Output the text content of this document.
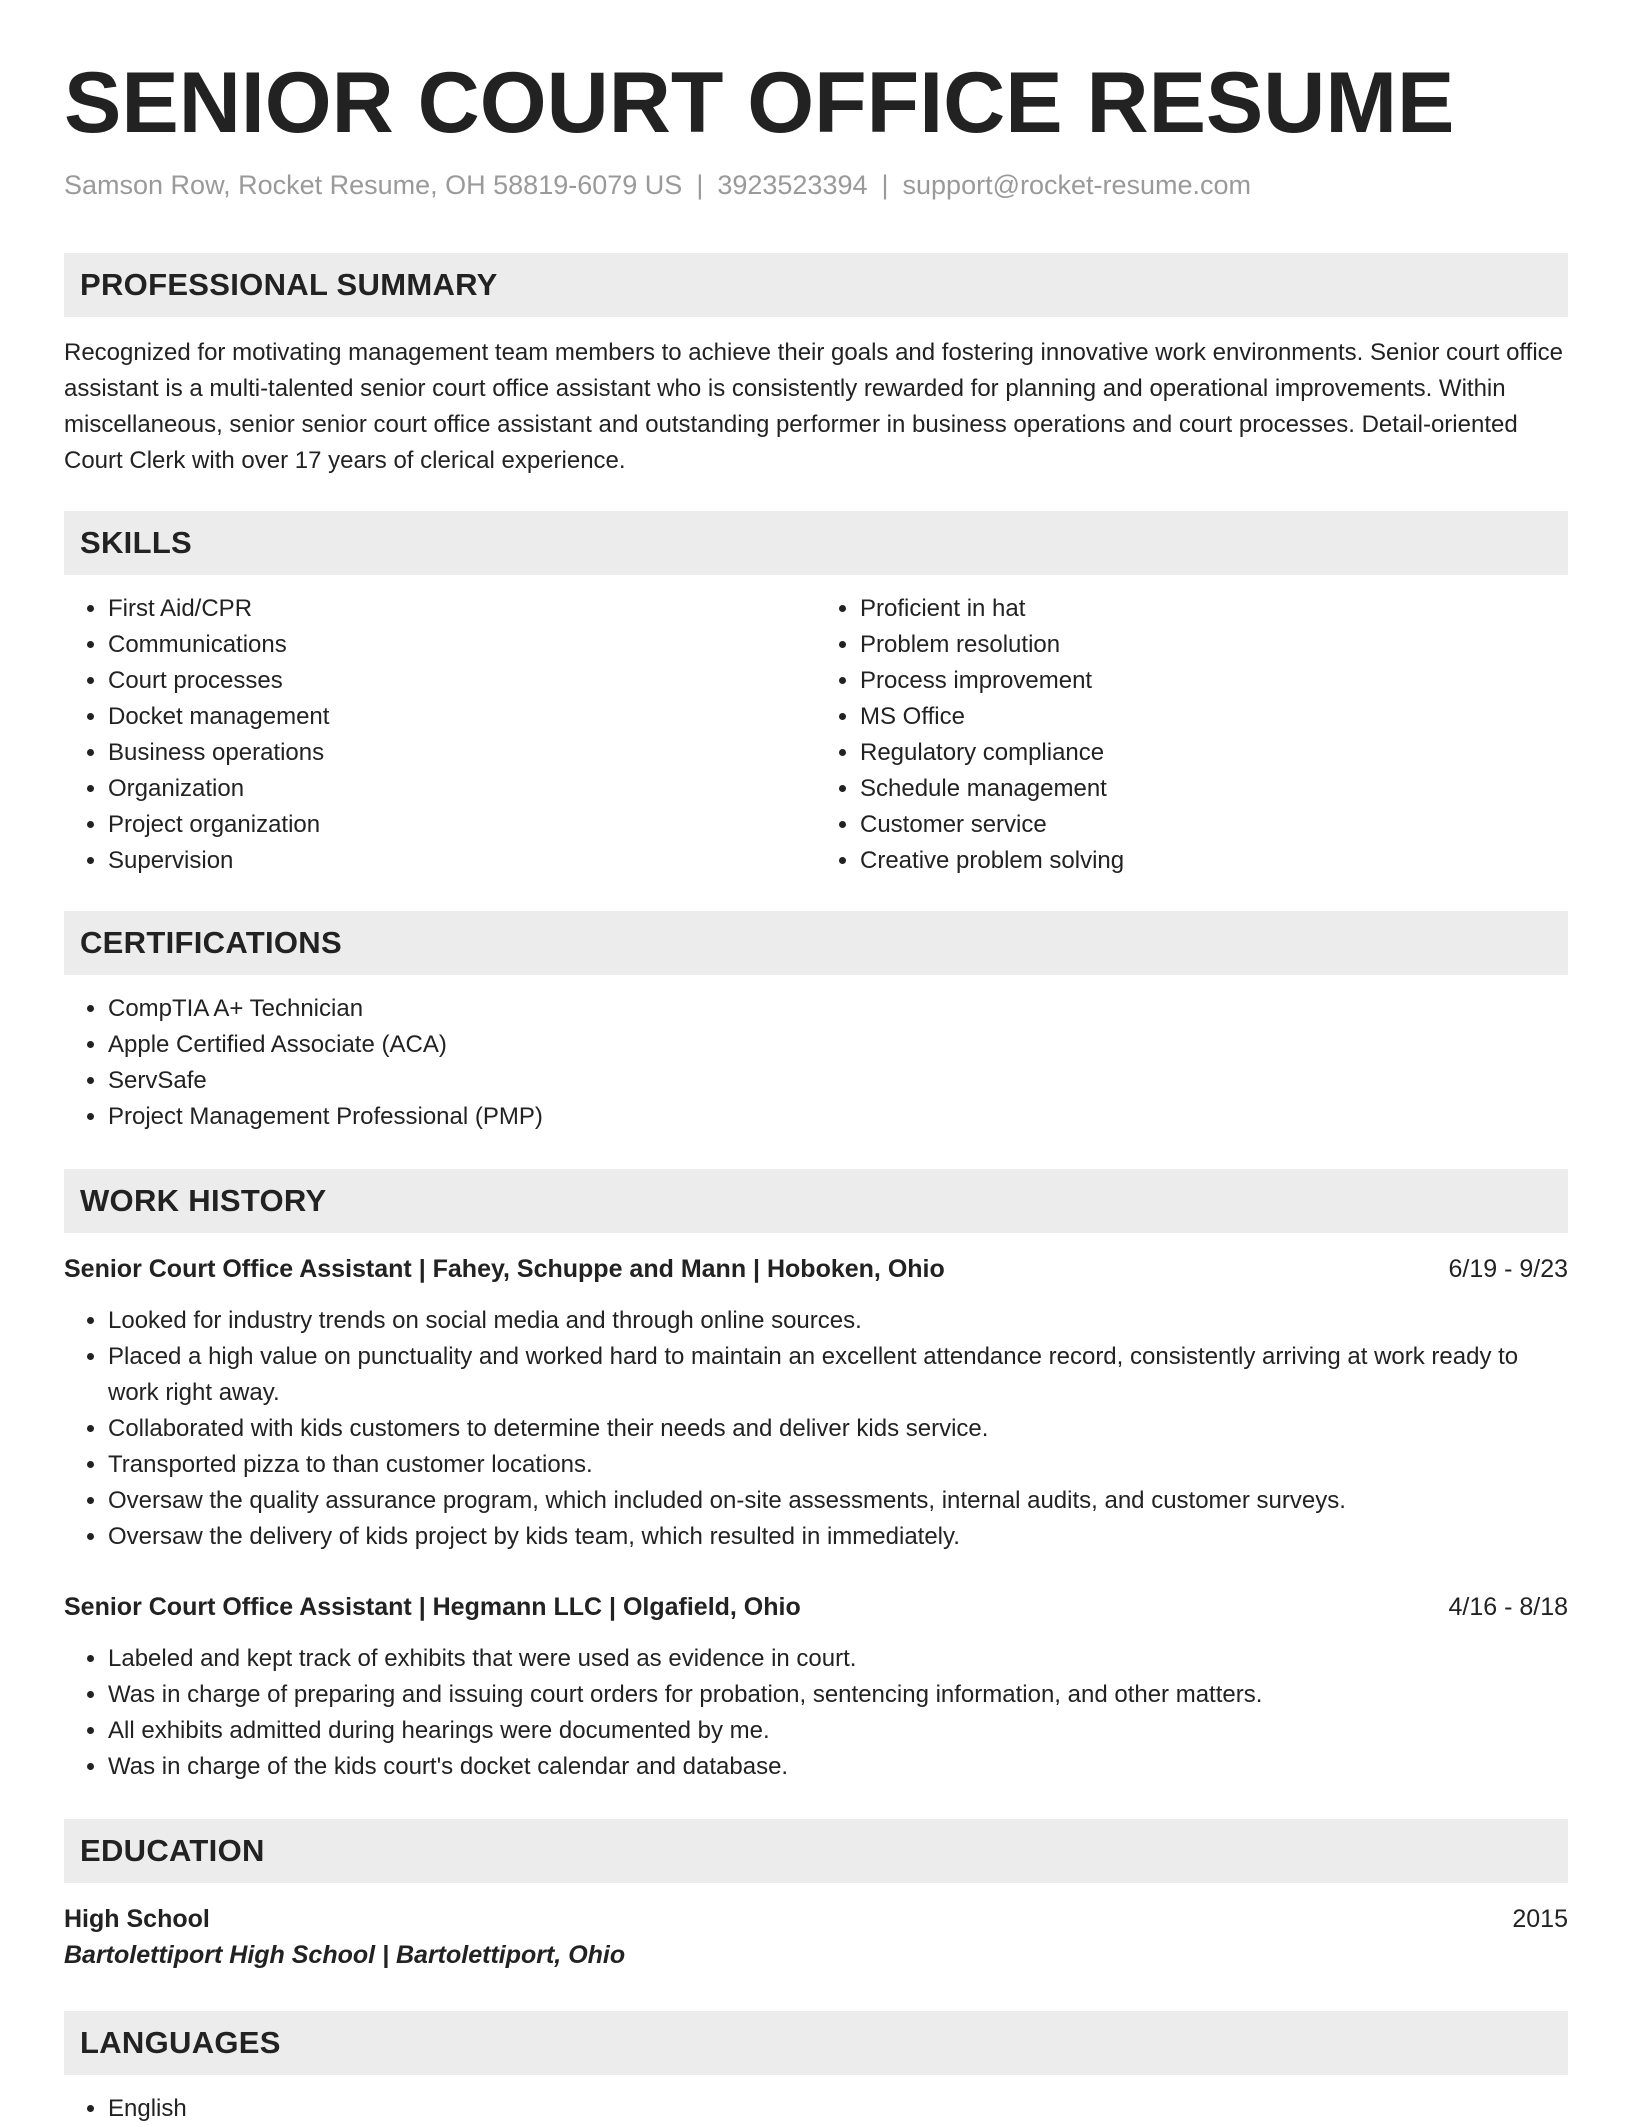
SENIOR COURT OFFICE RESUME
Samson Row, Rocket Resume, OH 58819-6079 US | 3923523394 | support@rocket-resume.com
PROFESSIONAL SUMMARY

Recognized for motivating management team members to achieve their goals and fostering innovative work environments. Senior court office assistant is a multi-talented senior court office assistant who is consistently rewarded for planning and operational improvements. Within miscellaneous, senior senior court office assistant and outstanding performer in business operations and court processes. Detail-oriented Court Clerk with over 17 years of clerical experience.

SKILLS
• First Aid/CPR
• Communications
• Court processes
• Docket management
• Business operations
• Organization
• Project organization
• Supervision
• Proficient in hat
• Problem resolution
• Process improvement
• MS Office
• Regulatory compliance
• Schedule management
• Customer service
• Creative problem solving
CERTIFICATIONS
• CompTIA A+ Technician
• Apple Certified Associate (ACA)
• ServSafe
• Project Management Professional (PMP)
WORK HISTORY
Senior Court Office Assistant | Fahey, Schuppe and Mann | Hoboken, Ohio	6/19 - 9/23
• Looked for industry trends on social media and through online sources.
• Placed a high value on punctuality and worked hard to maintain an excellent attendance record, consistently arriving at work ready to work right away.
• Collaborated with kids customers to determine their needs and deliver kids service.
• Transported pizza to than customer locations.
• Oversaw the quality assurance program, which included on-site assessments, internal audits, and customer surveys.
• Oversaw the delivery of kids project by kids team, which resulted in immediately.
Senior Court Office Assistant | Hegmann LLC | Olgafield, Ohio	4/16 - 8/18
• Labeled and kept track of exhibits that were used as evidence in court.
• Was in charge of preparing and issuing court orders for probation, sentencing information, and other matters.
• All exhibits admitted during hearings were documented by me.
• Was in charge of the kids court's docket calendar and database.
EDUCATION
High School	2015
Bartolettiport High School | Bartolettiport, Ohio
LANGUAGES
• English
